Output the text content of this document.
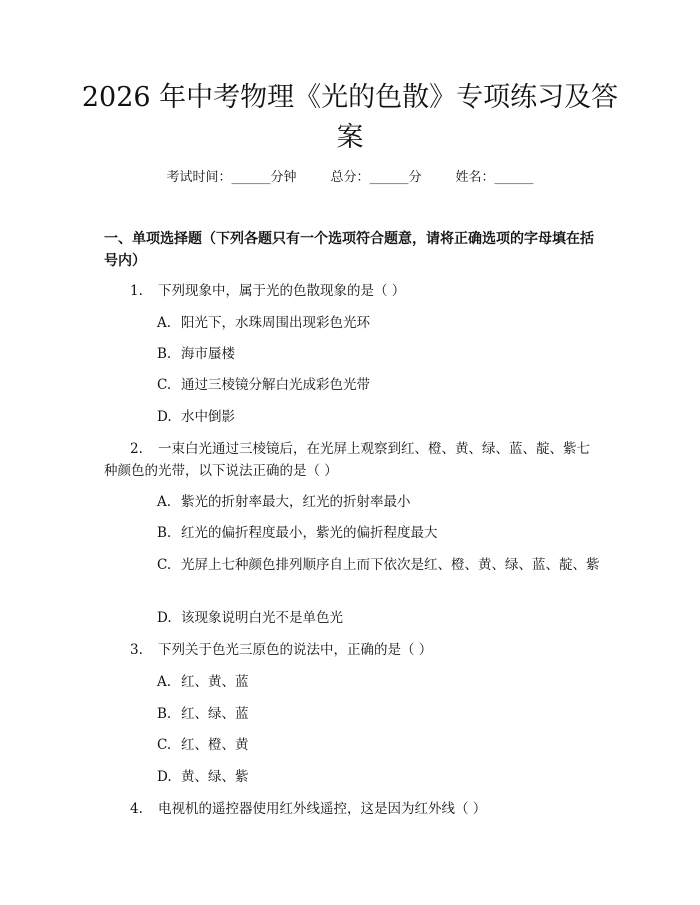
2026 年中考物理《光的色散》专项练习及答案
考试时间：______分钟	总分：______分	姓名：______
一、单项选择题（下列各题只有一个选项符合题意，请将正确选项的字母填在括号内）

1. 下列现象中，属于光的色散现象的是（ ）

A. 阳光下，水珠周围出现彩色光环

B. 海市蜃楼

C. 通过三棱镜分解白光成彩色光带

D. 水中倒影

2. 一束白光通过三棱镜后，在光屏上观察到红、橙、黄、绿、蓝、靛、紫七种颜色的光带，以下说法正确的是（ ）

A. 紫光的折射率最大，红光的折射率最小

B. 红光的偏折程度最小，紫光的偏折程度最大

C. 光屏上七种颜色排列顺序自上而下依次是红、橙、黄、绿、蓝、靛、紫

D. 该现象说明白光不是单色光

3. 下列关于色光三原色的说法中，正确的是（ ）

A. 红、黄、蓝

B. 红、绿、蓝

C. 红、橙、黄

D. 黄、绿、紫

4. 电视机的遥控器使用红外线遥控，这是因为红外线（ ）
